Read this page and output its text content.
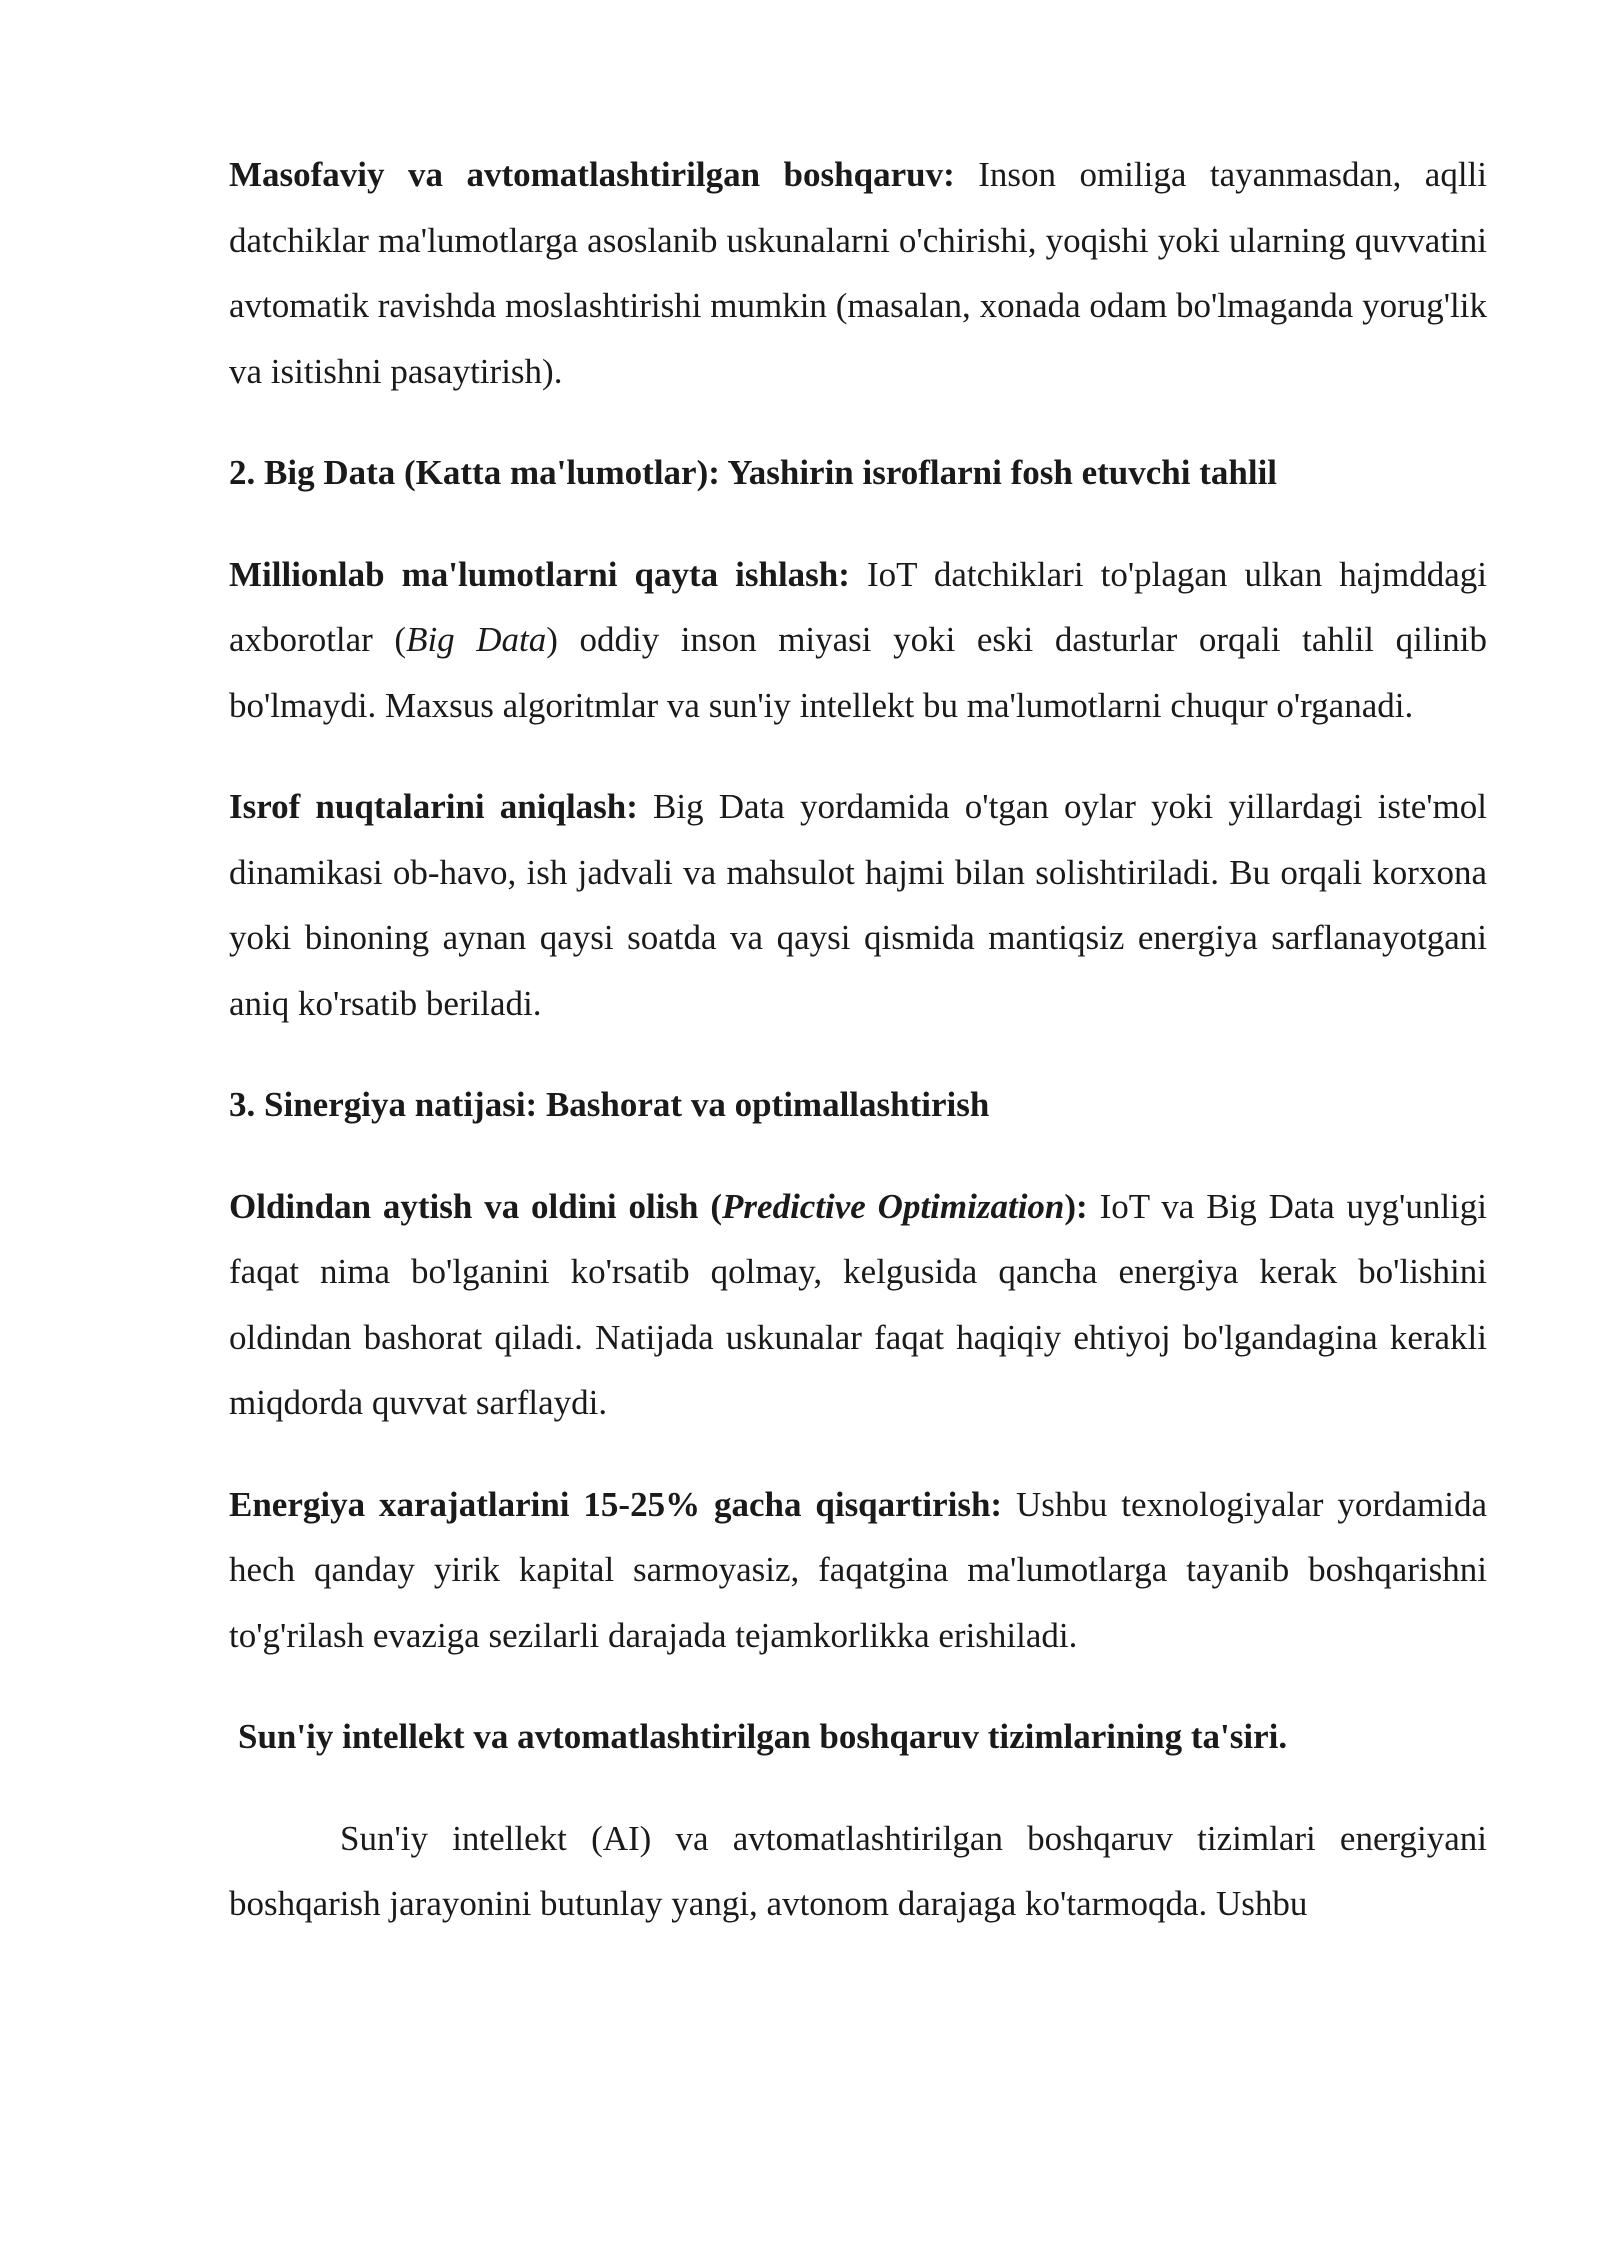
Masofaviy va avtomatlashtirilgan boshqaruv: Inson omiliga tayanmasdan, aqlli datchiklar ma'lumotlarga asoslanib uskunalarni o'chirishi, yoqishi yoki ularning quvvatini avtomatik ravishda moslashtirishi mumkin (masalan, xonada odam bo'lmaganda yorug'lik va isitishni pasaytirish).

2. Big Data (Katta ma'lumotlar): Yashirin isroflarni fosh etuvchi tahlil

Millionlab ma'lumotlarni qayta ishlash: IoT datchiklari to'plagan ulkan hajmddagi axborotlar (Big Data) oddiy inson miyasi yoki eski dasturlar orqali tahlil qilinib bo'lmaydi. Maxsus algoritmlar va sun'iy intellekt bu ma'lumotlarni chuqur o'rganadi.

Isrof nuqtalarini aniqlash: Big Data yordamida o'tgan oylar yoki yillardagi iste'mol dinamikasi ob-havo, ish jadvali va mahsulot hajmi bilan solishtiriladi. Bu orqali korxona yoki binoning aynan qaysi soatda va qaysi qismida mantiqsiz energiya sarflanayotgani aniq ko'rsatib beriladi.

3. Sinergiya natijasi: Bashorat va optimallashtirish

Oldindan aytish va oldini olish (Predictive Optimization): IoT va Big Data uyg'unligi faqat nima bo'lganini ko'rsatib qolmay, kelgusida qancha energiya kerak bo'lishini oldindan bashorat qiladi. Natijada uskunalar faqat haqiqiy ehtiyoj bo'lgandagina kerakli miqdorda quvvat sarflaydi.

Energiya xarajatlarini 15-25% gacha qisqartirish: Ushbu texnologiyalar yordamida hech qanday yirik kapital sarmoyasiz, faqatgina ma'lumotlarga tayanib boshqarishni to'g'rilash evaziga sezilarli darajada tejamkorlikka erishiladi.

Sun'iy intellekt va avtomatlashtirilgan boshqaruv tizimlarining ta'siri.

Sun'iy intellekt (AI) va avtomatlashtirilgan boshqaruv tizimlari energiyani boshqarish jarayonini butunlay yangi, avtonom darajaga ko'tarmoqda. Ushbu
